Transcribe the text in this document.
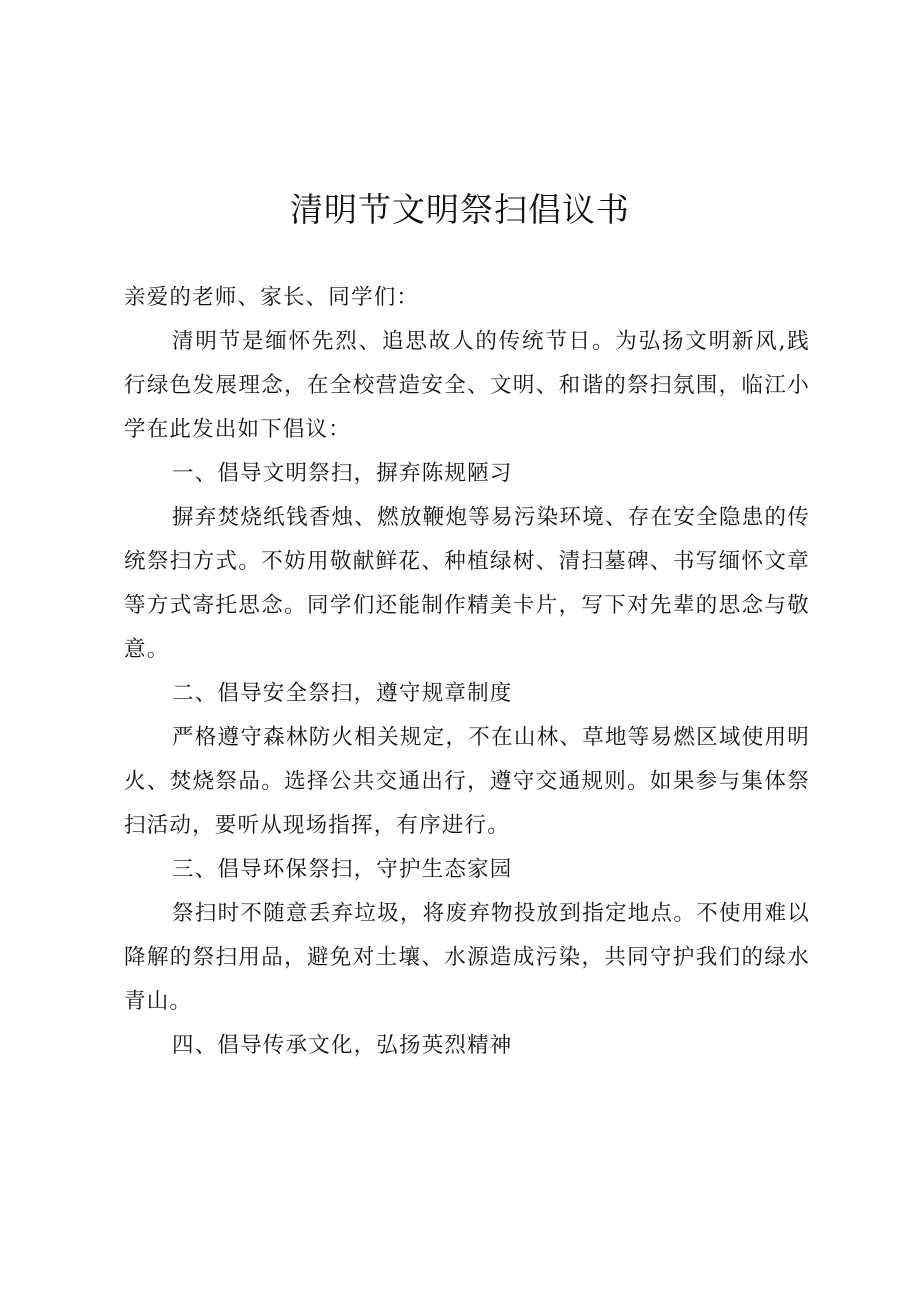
清明节文明祭扫倡议书

亲爱的老师、家长、同学们：

清明节是缅怀先烈、追思故人的传统节日。为弘扬文明新风,践行绿色发展理念，在全校营造安全、文明、和谐的祭扫氛围，临江小学在此发出如下倡议：

一、倡导文明祭扫，摒弃陈规陋习

摒弃焚烧纸钱香烛、燃放鞭炮等易污染环境、存在安全隐患的传统祭扫方式。不妨用敬献鲜花、种植绿树、清扫墓碑、书写缅怀文章等方式寄托思念。同学们还能制作精美卡片，写下对先辈的思念与敬意。

二、倡导安全祭扫，遵守规章制度

严格遵守森林防火相关规定，不在山林、草地等易燃区域使用明火、焚烧祭品。选择公共交通出行，遵守交通规则。如果参与集体祭扫活动，要听从现场指挥，有序进行。

三、倡导环保祭扫，守护生态家园

祭扫时不随意丢弃垃圾，将废弃物投放到指定地点。不使用难以降解的祭扫用品，避免对土壤、水源造成污染，共同守护我们的绿水青山。

四、倡导传承文化，弘扬英烈精神
